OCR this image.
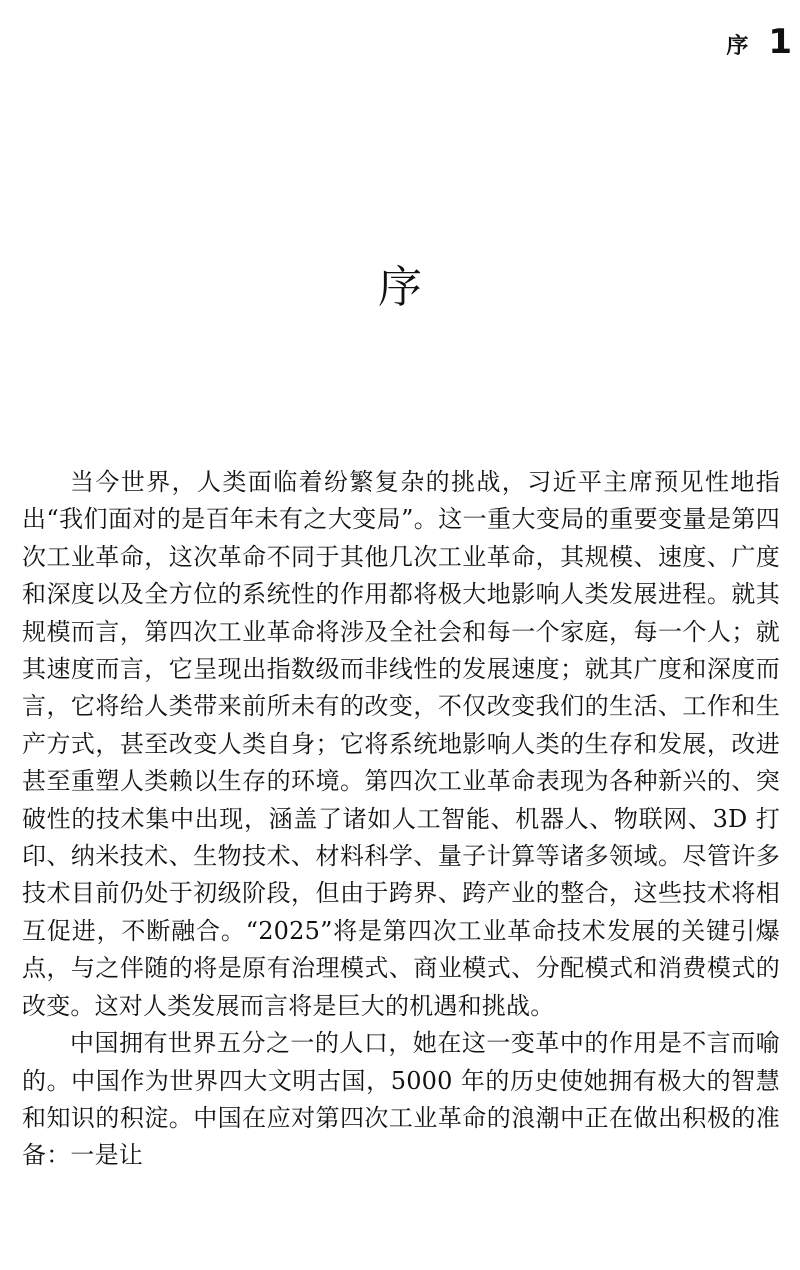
序 1
序

当今世界，人类面临着纷繁复杂的挑战，习近平主席预见性地指出“我们面对的是百年未有之大变局”。这一重大变局的重要变量是第四次工业革命，这次革命不同于其他几次工业革命，其规模、速度、广度和深度以及全方位的系统性的作用都将极大地影响人类发展进程。就其规模而言，第四次工业革命将涉及全社会和每一个家庭，每一个人；就其速度而言，它呈现出指数级而非线性的发展速度；就其广度和深度而言，它将给人类带来前所未有的改变，不仅改变我们的生活、工作和生产方式，甚至改变人类自身；它将系统地影响人类的生存和发展，改进甚至重塑人类赖以生存的环境。第四次工业革命表现为各种新兴的、突破性的技术集中出现，涵盖了诸如人工智能、机器人、物联网、3D 打印、纳米技术、生物技术、材料科学、量子计算等诸多领域。尽管许多技术目前仍处于初级阶段，但由于跨界、跨产业的整合，这些技术将相互促进，不断融合。“2025”将是第四次工业革命技术发展的关键引爆点，与之伴随的将是原有治理模式、商业模式、分配模式和消费模式的改变。这对人类发展而言将是巨大的机遇和挑战。

中国拥有世界五分之一的人口，她在这一变革中的作用是不言而喻的。中国作为世界四大文明古国，5000 年的历史使她拥有极大的智慧和知识的积淀。中国在应对第四次工业革命的浪潮中正在做出积极的准备：一是让
